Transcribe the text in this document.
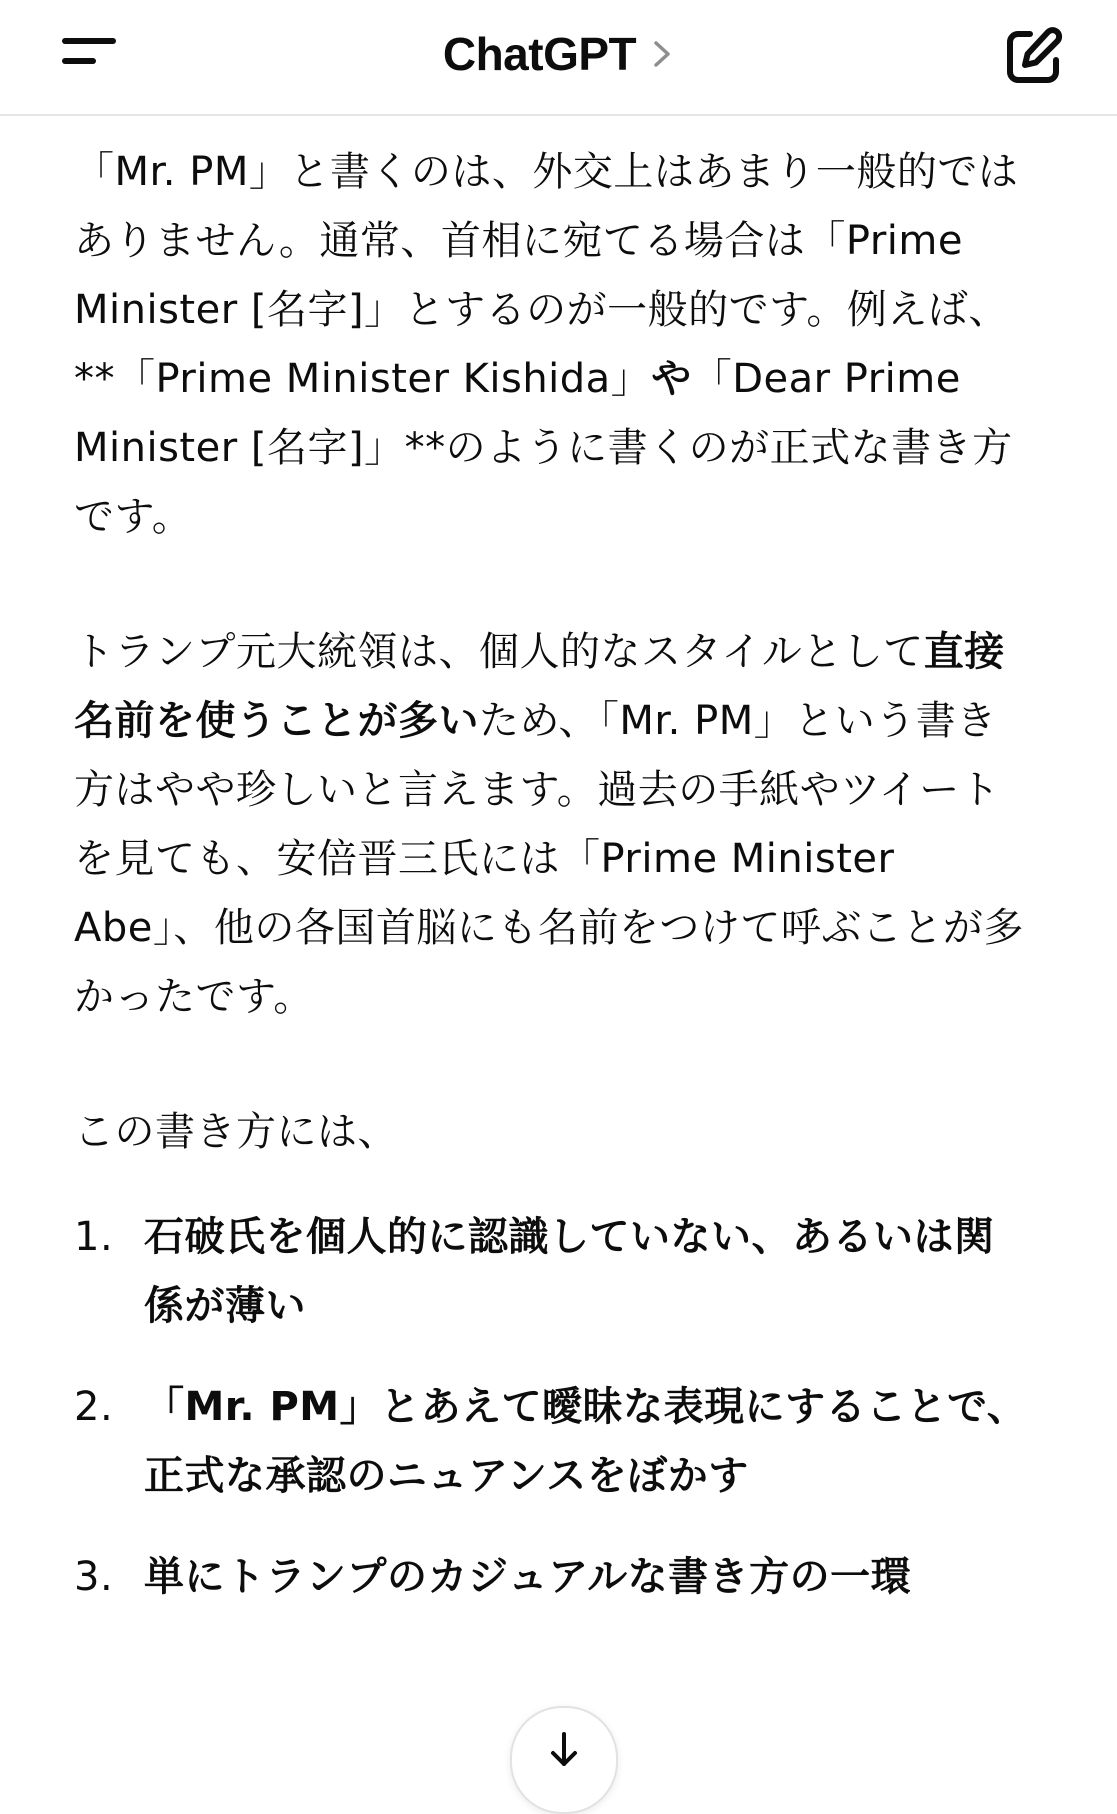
ChatGPT

「Mr. PM」と書くのは、外交上はあまり一般的ではありません。通常、首相に宛てる場合は「Prime Minister [名字]」とするのが一般的です。例えば、**「Prime Minister Kishida」や「Dear Prime Minister [名字]」**のように書くのが正式な書き方です。

トランプ元大統領は、個人的なスタイルとして直接名前を使うことが多いため、「Mr. PM」という書き方はやや珍しいと言えます。過去の手紙やツイートを見ても、安倍晋三氏には「Prime Minister Abe」、他の各国首脳にも名前をつけて呼ぶことが多かったです。

この書き方には、

1. 石破氏を個人的に認識していない、あるいは関係が薄い
2. 「Mr. PM」とあえて曖昧な表現にすることで、正式な承認のニュアンスをぼかす
3. 単にトランプのカジュアルな書き方の一環
